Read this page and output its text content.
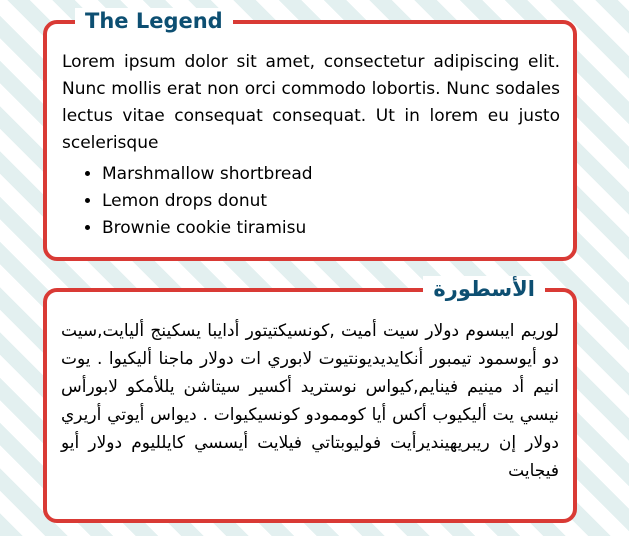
The Legend

Lorem ipsum dolor sit amet, consectetur adipiscing elit. Nunc mollis erat non orci commodo lobortis. Nunc sodales lectus vitae consequat consequat. Ut in lorem eu justo scelerisque

• Marshmallow shortbread
• Lemon drops donut
• Brownie cookie tiramisu
الأسطورة

لوريم ايبسوم دولار سيت أميت ,كونسيكتيتور أدايبا يسكينج أليايت,سيت دو أيوسمود تيمبور أنكايديديونتيوت لابوري ات دولار ماجنا أليكيوا . يوت انيم أد مينيم فينايم,كيواس نوستريد أكسير سيتاشن يللأمكو لابورأس نيسي يت أليكيوب أكس أيا كوممودو كونسيكيوات . ديواس أيوتي أريري دولار إن ريبريهينديرأيت فوليوبتاتي فيلايت أيسسي كايلليوم دولار أيو فيجايت
